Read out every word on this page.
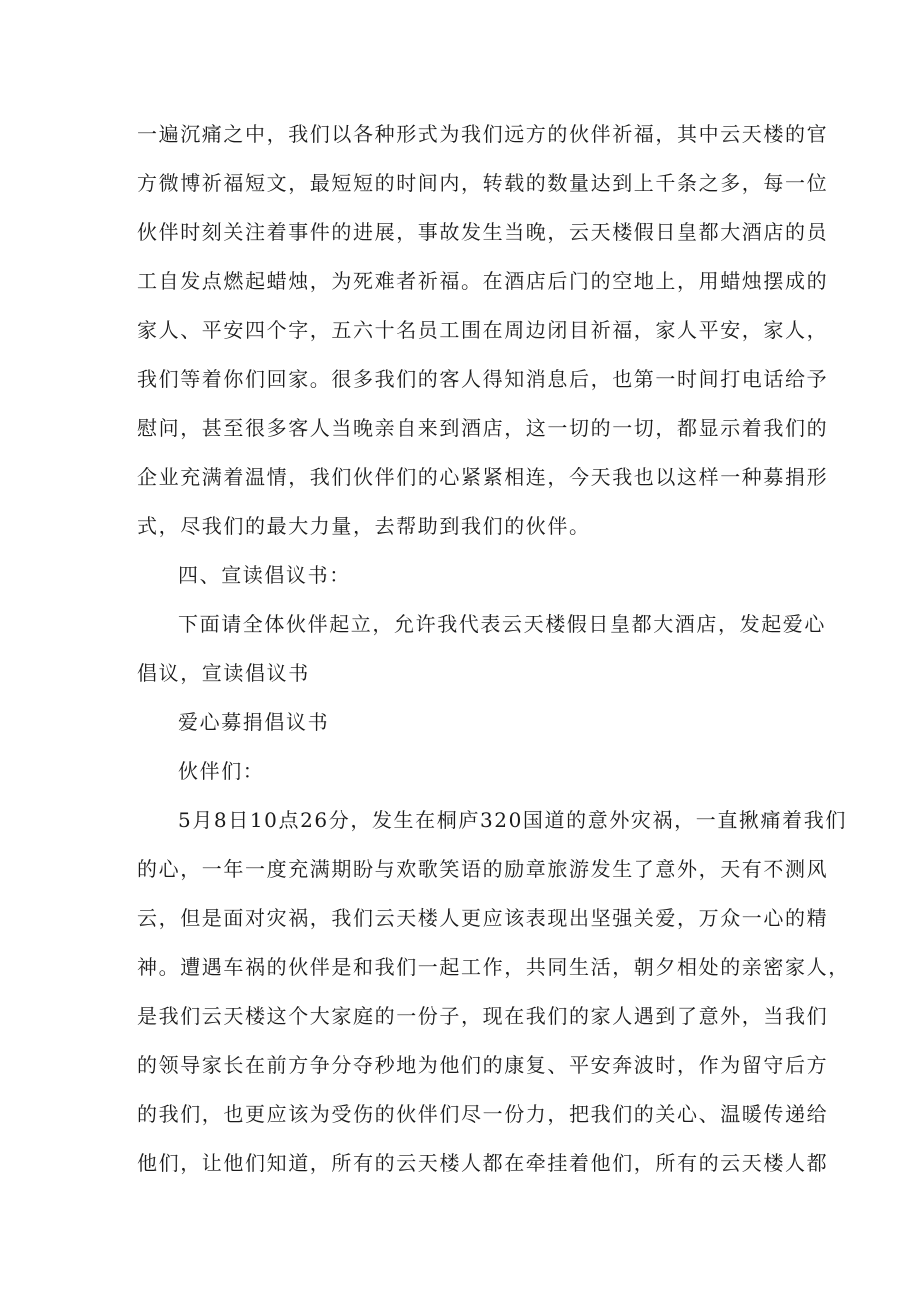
一遍沉痛之中，我们以各种形式为我们远方的伙伴祈福，其中云天楼的官
方微博祈福短文，最短短的时间内，转载的数量达到上千条之多，每一位
伙伴时刻关注着事件的进展，事故发生当晚，云天楼假日皇都大酒店的员
工自发点燃起蜡烛，为死难者祈福。在酒店后门的空地上，用蜡烛摆成的
家人、平安四个字，五六十名员工围在周边闭目祈福，家人平安，家人，
我们等着你们回家。很多我们的客人得知消息后，也第一时间打电话给予
慰问，甚至很多客人当晚亲自来到酒店，这一切的一切，都显示着我们的
企业充满着温情，我们伙伴们的心紧紧相连，今天我也以这样一种募捐形
式，尽我们的最大力量，去帮助到我们的伙伴。
四、宣读倡议书：
下面请全体伙伴起立，允许我代表云天楼假日皇都大酒店，发起爱心
倡议，宣读倡议书
爱心募捐倡议书
伙伴们：
5月8日10点26分，发生在桐庐320国道的意外灾祸，一直揪痛着我们
的心，一年一度充满期盼与欢歌笑语的励章旅游发生了意外，天有不测风
云，但是面对灾祸，我们云天楼人更应该表现出坚强关爱，万众一心的精
神。遭遇车祸的伙伴是和我们一起工作，共同生活，朝夕相处的亲密家人，
是我们云天楼这个大家庭的一份子，现在我们的家人遇到了意外，当我们
的领导家长在前方争分夺秒地为他们的康复、平安奔波时，作为留守后方
的我们，也更应该为受伤的伙伴们尽一份力，把我们的关心、温暖传递给
他们，让他们知道，所有的云天楼人都在牵挂着他们，所有的云天楼人都
